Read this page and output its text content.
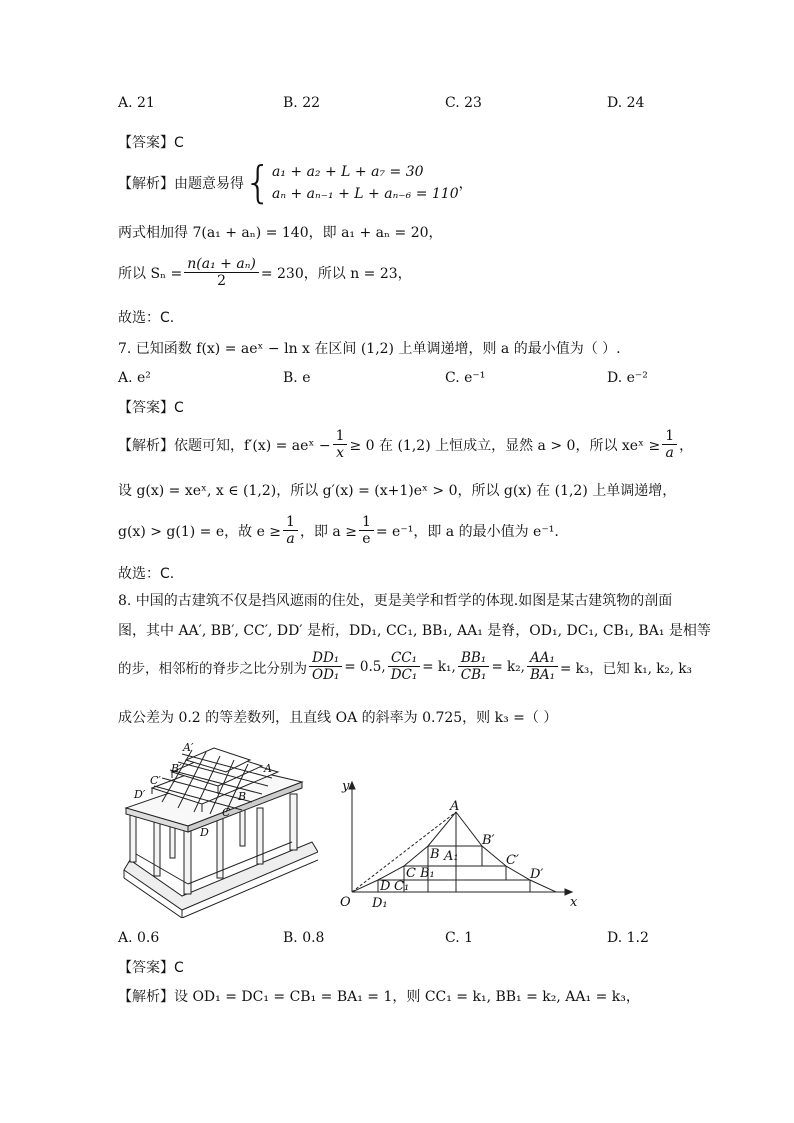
A. 21	B. 22	C. 23	D. 24
【答案】C
【解析】由题意易得 { a₁ + a₂ + L + a₇ = 30
aₙ + aₙ₋₁ + L + aₙ₋₆ = 110
，
两式相加得 7(a₁ + aₙ) = 140，即 a₁ + aₙ = 20，
所以 $S_n = \frac{\text{n(a₁ + aₙ)}}{2} = 230$，所以 n = 23，
故选：C.
7. 已知函数 f(x) = aeˣ − ln x 在区间 (1,2) 上单调递增，则 a 的最小值为（ ）.
A. e²	B. e	C. e⁻¹	D. e⁻²
【答案】C
【解析】依题可知，f′(x) = aeˣ − $\frac{1}{x} \ge 0$ 在 (1,2) 上恒成立，显然 a > 0，所以 xeˣ ≥ $\frac{1}{a}$ ，
设 g(x) = xeˣ, x ∈ (1,2)，所以 g′(x) = (x+1)eˣ > 0，所以 g(x) 在 (1,2) 上单调递增，
g(x) > g(1) = e，故 $e \ge \frac{1}{a}$ ，即 $a \ge \frac{1}{e} = e^{-1}$，即 a 的最小值为 e⁻¹.
故选：C.
8. 中国的古建筑不仅是挡风遮雨的住处，更是美学和哲学的体现.如图是某古建筑物的剖面
图，其中 AA′, BB′, CC′, DD′ 是桁，DD₁, CC₁, BB₁, AA₁ 是脊，OD₁, DC₁, CB₁, BA₁ 是相等
的步，相邻桁的脊步之比分别为 $\frac{\text{DD₁}}{\text{OD₁}} = 0.5$, $\frac{\text{CC₁}}{\text{DC₁}} = k_1$, $\frac{\text{BB₁}}{\text{CB₁}} = k_2$, $\frac{\text{AA₁}}{\text{BA₁}} = k_3$，已知 k₁, k₂, k₃
成公差为 0.2 的等差数列，且直线 OA 的斜率为 0.725，则 k₃ =（ ）
A′
B′
C′
D′
A
B
C
D
y
x
O
A
B A₁
B′
C B₁
C′
D C₁
D′
D₁
A. 0.6	B. 0.8	C. 1	D. 1.2
【答案】C
【解析】设 OD₁ = DC₁ = CB₁ = BA₁ = 1，则 CC₁ = k₁, BB₁ = k₂, AA₁ = k₃，
